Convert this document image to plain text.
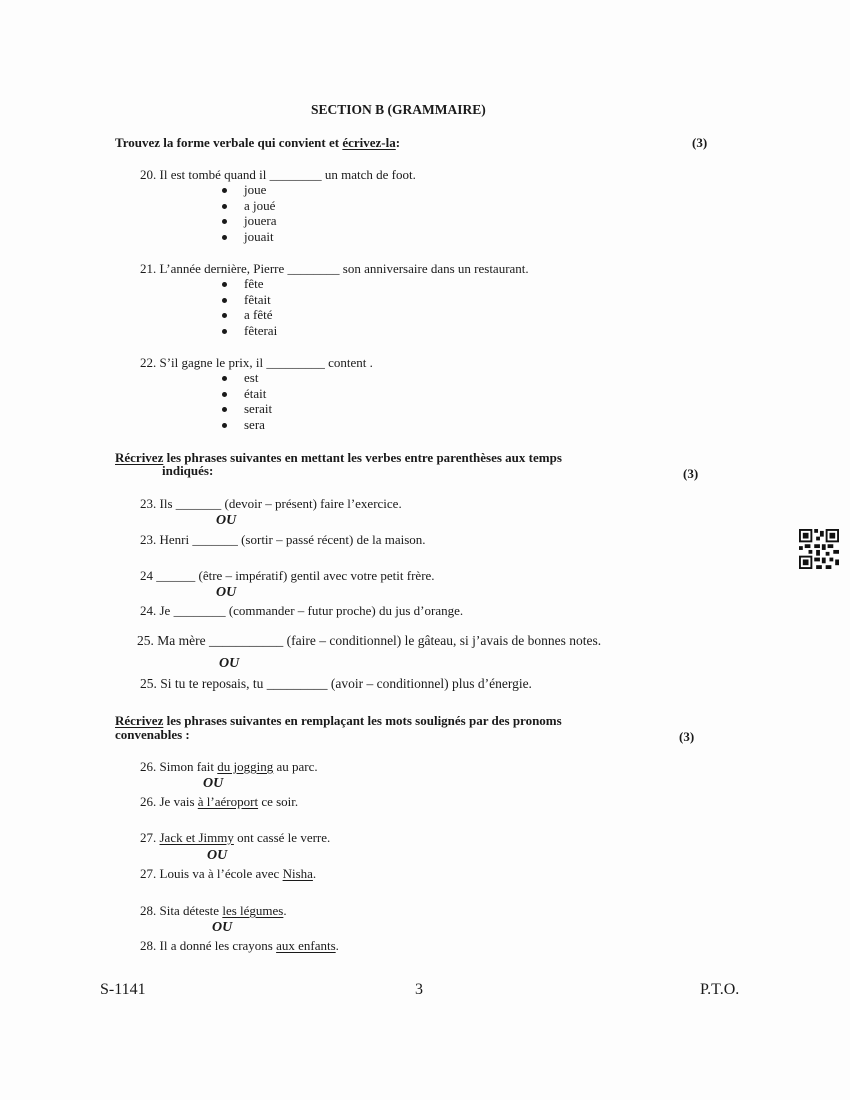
SECTION B (GRAMMAIRE)
Trouvez la forme verbale qui convient et écrivez-la:	(3)
20. Il est tombé quand il ________ un match de foot.
joue
a joué
jouera
jouait
21. L’année dernière, Pierre ________ son anniversaire dans un restaurant.
fête
fêtait
a fêté
fêterai
22. S’il gagne le prix, il _________ content .
est
était
serait
sera
Récrivez les phrases suivantes en mettant les verbes entre parenthèses aux temps
indiqués:	(3)
23. Ils _______ (devoir – présent) faire l’exercice.
OU
23. Henri _______ (sortir – passé récent) de la maison.
24 ______ (être – impératif) gentil avec votre petit frère.
OU
24. Je ________ (commander – futur proche) du jus d’orange.
25. Ma mère ___________ (faire – conditionnel) le gâteau, si j’avais de bonnes notes.
OU
25. Si tu te reposais, tu _________ (avoir – conditionnel) plus d’énergie.
Récrivez les phrases suivantes en remplaçant les mots soulignés par des pronoms
convenables :	(3)
26. Simon fait du jogging au parc.
OU
26. Je vais à l’aéroport ce soir.
27. Jack et Jimmy ont cassé le verre.
OU
27. Louis va à l’école avec Nisha.
28. Sita déteste les légumes.
OU
28. Il a donné les crayons aux enfants.
S-1141	3	P.T.O.
